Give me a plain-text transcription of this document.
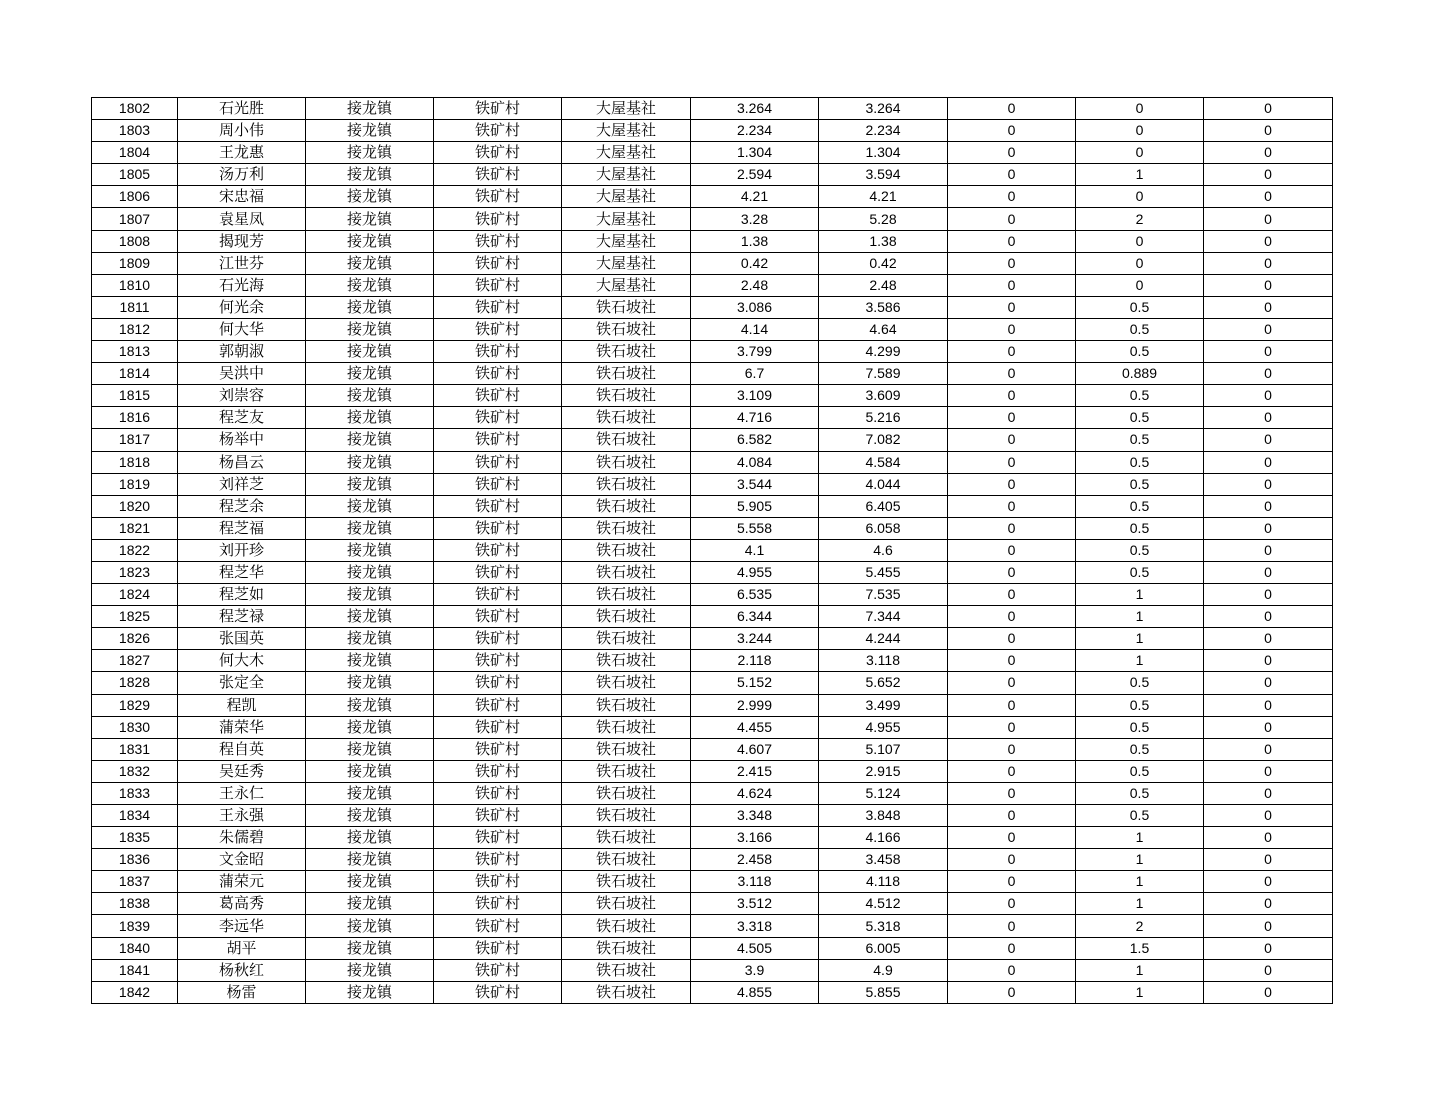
1802	石光胜	接龙镇	铁矿村	大屋基社	3.264	3.264	0	0	0
1803	周小伟	接龙镇	铁矿村	大屋基社	2.234	2.234	0	0	0
1804	王龙惠	接龙镇	铁矿村	大屋基社	1.304	1.304	0	0	0
1805	汤万利	接龙镇	铁矿村	大屋基社	2.594	3.594	0	1	0
1806	宋忠福	接龙镇	铁矿村	大屋基社	4.21	4.21	0	0	0
1807	袁星凤	接龙镇	铁矿村	大屋基社	3.28	5.28	0	2	0
1808	揭现芳	接龙镇	铁矿村	大屋基社	1.38	1.38	0	0	0
1809	江世芬	接龙镇	铁矿村	大屋基社	0.42	0.42	0	0	0
1810	石光海	接龙镇	铁矿村	大屋基社	2.48	2.48	0	0	0
1811	何光余	接龙镇	铁矿村	铁石坡社	3.086	3.586	0	0.5	0
1812	何大华	接龙镇	铁矿村	铁石坡社	4.14	4.64	0	0.5	0
1813	郭朝淑	接龙镇	铁矿村	铁石坡社	3.799	4.299	0	0.5	0
1814	吴洪中	接龙镇	铁矿村	铁石坡社	6.7	7.589	0	0.889	0
1815	刘崇容	接龙镇	铁矿村	铁石坡社	3.109	3.609	0	0.5	0
1816	程芝友	接龙镇	铁矿村	铁石坡社	4.716	5.216	0	0.5	0
1817	杨举中	接龙镇	铁矿村	铁石坡社	6.582	7.082	0	0.5	0
1818	杨昌云	接龙镇	铁矿村	铁石坡社	4.084	4.584	0	0.5	0
1819	刘祥芝	接龙镇	铁矿村	铁石坡社	3.544	4.044	0	0.5	0
1820	程芝余	接龙镇	铁矿村	铁石坡社	5.905	6.405	0	0.5	0
1821	程芝福	接龙镇	铁矿村	铁石坡社	5.558	6.058	0	0.5	0
1822	刘开珍	接龙镇	铁矿村	铁石坡社	4.1	4.6	0	0.5	0
1823	程芝华	接龙镇	铁矿村	铁石坡社	4.955	5.455	0	0.5	0
1824	程芝如	接龙镇	铁矿村	铁石坡社	6.535	7.535	0	1	0
1825	程芝禄	接龙镇	铁矿村	铁石坡社	6.344	7.344	0	1	0
1826	张国英	接龙镇	铁矿村	铁石坡社	3.244	4.244	0	1	0
1827	何大木	接龙镇	铁矿村	铁石坡社	2.118	3.118	0	1	0
1828	张定全	接龙镇	铁矿村	铁石坡社	5.152	5.652	0	0.5	0
1829	程凯	接龙镇	铁矿村	铁石坡社	2.999	3.499	0	0.5	0
1830	蒲荣华	接龙镇	铁矿村	铁石坡社	4.455	4.955	0	0.5	0
1831	程自英	接龙镇	铁矿村	铁石坡社	4.607	5.107	0	0.5	0
1832	吴廷秀	接龙镇	铁矿村	铁石坡社	2.415	2.915	0	0.5	0
1833	王永仁	接龙镇	铁矿村	铁石坡社	4.624	5.124	0	0.5	0
1834	王永强	接龙镇	铁矿村	铁石坡社	3.348	3.848	0	0.5	0
1835	朱儒碧	接龙镇	铁矿村	铁石坡社	3.166	4.166	0	1	0
1836	文金昭	接龙镇	铁矿村	铁石坡社	2.458	3.458	0	1	0
1837	蒲荣元	接龙镇	铁矿村	铁石坡社	3.118	4.118	0	1	0
1838	葛高秀	接龙镇	铁矿村	铁石坡社	3.512	4.512	0	1	0
1839	李远华	接龙镇	铁矿村	铁石坡社	3.318	5.318	0	2	0
1840	胡平	接龙镇	铁矿村	铁石坡社	4.505	6.005	0	1.5	0
1841	杨秋红	接龙镇	铁矿村	铁石坡社	3.9	4.9	0	1	0
1842	杨雷	接龙镇	铁矿村	铁石坡社	4.855	5.855	0	1	0
